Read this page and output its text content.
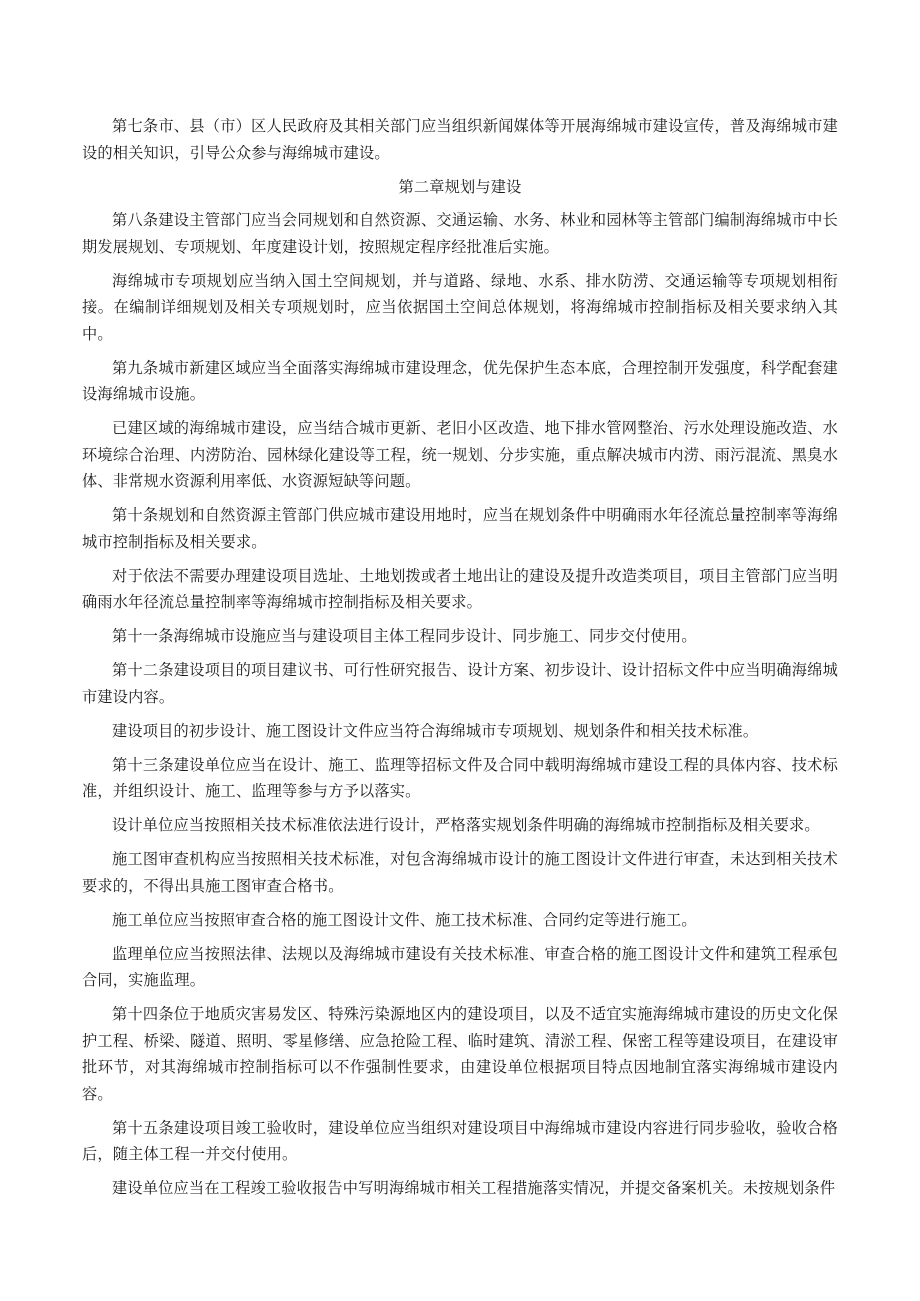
第七条市、县（市）区人民政府及其相关部门应当组织新闻媒体等开展海绵城市建设宣传，普及海绵城市建设的相关知识，引导公众参与海绵城市建设。

第二章规划与建设

第八条建设主管部门应当会同规划和自然资源、交通运输、水务、林业和园林等主管部门编制海绵城市中长期发展规划、专项规划、年度建设计划，按照规定程序经批准后实施。

海绵城市专项规划应当纳入国土空间规划，并与道路、绿地、水系、排水防涝、交通运输等专项规划相衔接。在编制详细规划及相关专项规划时，应当依据国土空间总体规划，将海绵城市控制指标及相关要求纳入其中。

第九条城市新建区域应当全面落实海绵城市建设理念，优先保护生态本底，合理控制开发强度，科学配套建设海绵城市设施。

已建区域的海绵城市建设，应当结合城市更新、老旧小区改造、地下排水管网整治、污水处理设施改造、水环境综合治理、内涝防治、园林绿化建设等工程，统一规划、分步实施，重点解决城市内涝、雨污混流、黑臭水体、非常规水资源利用率低、水资源短缺等问题。

第十条规划和自然资源主管部门供应城市建设用地时，应当在规划条件中明确雨水年径流总量控制率等海绵城市控制指标及相关要求。

对于依法不需要办理建设项目选址、土地划拨或者土地出让的建设及提升改造类项目，项目主管部门应当明确雨水年径流总量控制率等海绵城市控制指标及相关要求。

第十一条海绵城市设施应当与建设项目主体工程同步设计、同步施工、同步交付使用。

第十二条建设项目的项目建议书、可行性研究报告、设计方案、初步设计、设计招标文件中应当明确海绵城市建设内容。

建设项目的初步设计、施工图设计文件应当符合海绵城市专项规划、规划条件和相关技术标准。

第十三条建设单位应当在设计、施工、监理等招标文件及合同中载明海绵城市建设工程的具体内容、技术标准，并组织设计、施工、监理等参与方予以落实。

设计单位应当按照相关技术标准依法进行设计，严格落实规划条件明确的海绵城市控制指标及相关要求。

施工图审查机构应当按照相关技术标准，对包含海绵城市设计的施工图设计文件进行审查，未达到相关技术要求的，不得出具施工图审查合格书。

施工单位应当按照审查合格的施工图设计文件、施工技术标准、合同约定等进行施工。

监理单位应当按照法律、法规以及海绵城市建设有关技术标准、审查合格的施工图设计文件和建筑工程承包合同，实施监理。

第十四条位于地质灾害易发区、特殊污染源地区内的建设项目，以及不适宜实施海绵城市建设的历史文化保护工程、桥梁、隧道、照明、零星修缮、应急抢险工程、临时建筑、清淤工程、保密工程等建设项目，在建设审批环节，对其海绵城市控制指标可以不作强制性要求，由建设单位根据项目特点因地制宜落实海绵城市建设内容。

第十五条建设项目竣工验收时，建设单位应当组织对建设项目中海绵城市建设内容进行同步验收，验收合格后，随主体工程一并交付使用。

建设单位应当在工程竣工验收报告中写明海绵城市相关工程措施落实情况，并提交备案机关。未按规划条件
